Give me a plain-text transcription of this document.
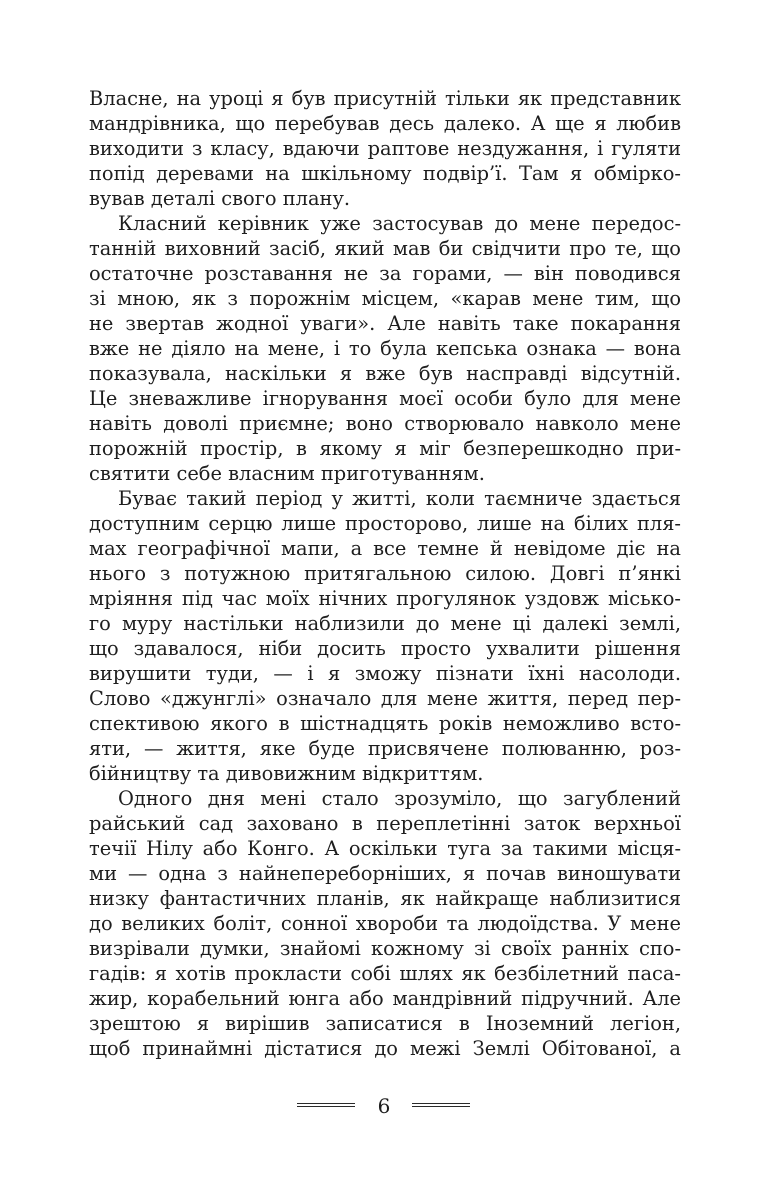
Власне, на уроці я був присутній тільки як представник
мандрівника, що перебував десь далеко. А ще я любив
виходити з класу, вдаючи раптове нездужання, і гуляти
попід деревами на шкільному подвір’ї. Там я обмірко-
вував деталі свого плану.
Класний керівник уже застосував до мене передос-
танній виховний засіб, який мав би свідчити про те, що
остаточне розставання не за горами, — він поводився
зі мною, як з порожнім місцем, «карав мене тим, що
не звертав жодної уваги». Але навіть таке покарання
вже не діяло на мене, і то була кепська ознака — вона
показувала, наскільки я вже був насправді відсутній.
Це зневажливе ігнорування моєї особи було для мене
навіть доволі приємне; воно створювало навколо мене
порожній простір, в якому я міг безперешкодно при-
святити себе власним приготуванням.
Буває такий період у житті, коли таємниче здається
доступним серцю лише просторово, лише на білих пля-
мах географічної мапи, а все темне й невідоме діє на
нього з потужною притягальною силою. Довгі п’янкі
мріяння під час моїх нічних прогулянок уздовж місько-
го муру настільки наблизили до мене ці далекі землі,
що здавалося, ніби досить просто ухвалити рішення
вирушити туди, — і я зможу пізнати їхні насолоди.
Слово «джунглі» означало для мене життя, перед пер-
спективою якого в шістнадцять років неможливо всто-
яти, — життя, яке буде присвячене полюванню, роз-
бійництву та дивовижним відкриттям.
Одного дня мені стало зрозуміло, що загублений
райський сад заховано в переплетінні заток верхньої
течії Нілу або Конго. А оскільки туга за такими місця-
ми — одна з найнепереборніших, я почав виношувати
низку фантастичних планів, як найкраще наблизитися
до великих боліт, сонної хвороби та людоїдства. У мене
визрівали думки, знайомі кожному зі своїх ранніх спо-
гадів: я хотів прокласти собі шлях як безбілетний паса-
жир, корабельний юнга або мандрівний підручний. Але
зрештою я вирішив записатися в Іноземний легіон,
щоб принаймні дістатися до межі Землі Обітованої, а
6
